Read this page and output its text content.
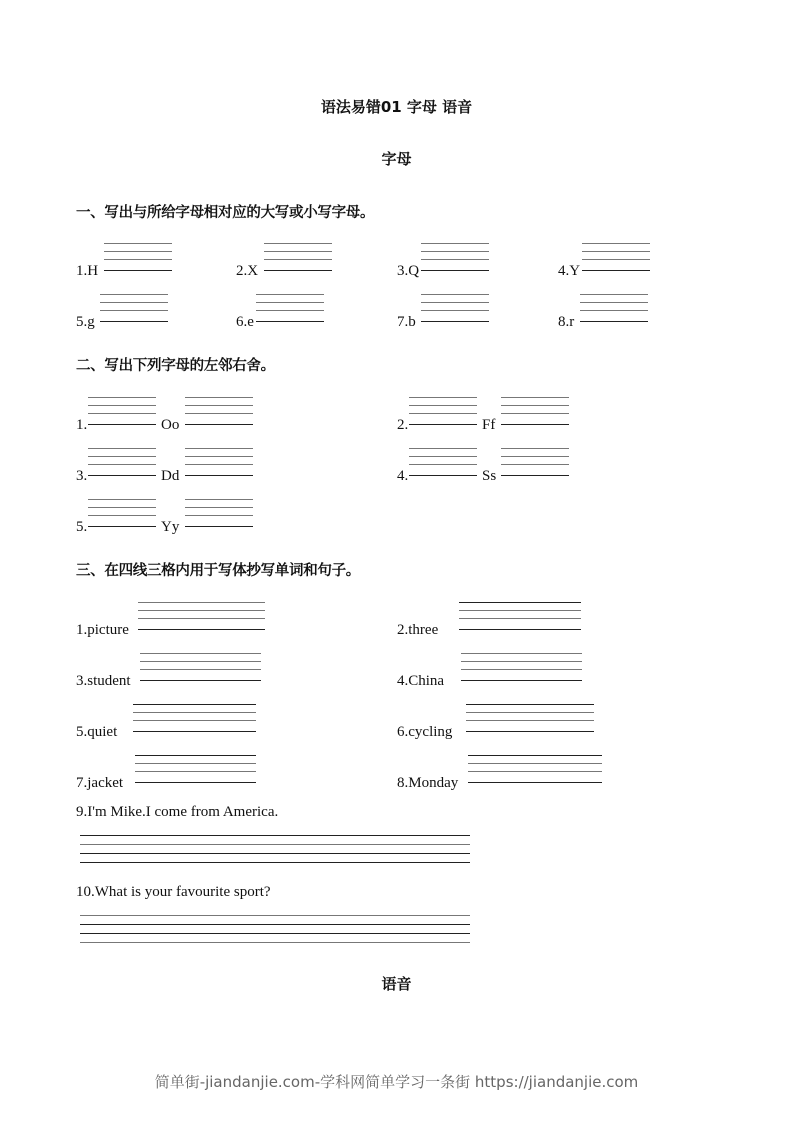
语法易错01 字母 语音
字母
一、写出与所给字母相对应的大写或小写字母。
1.H	2.X	3.Q	4.Y
5.g	6.e	7.b	8.r
二、写出下列字母的左邻右舍。
1.	Oo	2.	Ff
3.	Dd	4.	Ss
5.	Yy
三、在四线三格内用于写体抄写单词和句子。
1.picture	2.three
3.student	4.China
5.quiet	6.cycling
7.jacket	8.Monday
9.I'm Mike.I come from America.
10.What is your favourite sport?
语音
简单街-jiandanjie.com-学科网简单学习一条街 https://jiandanjie.com
